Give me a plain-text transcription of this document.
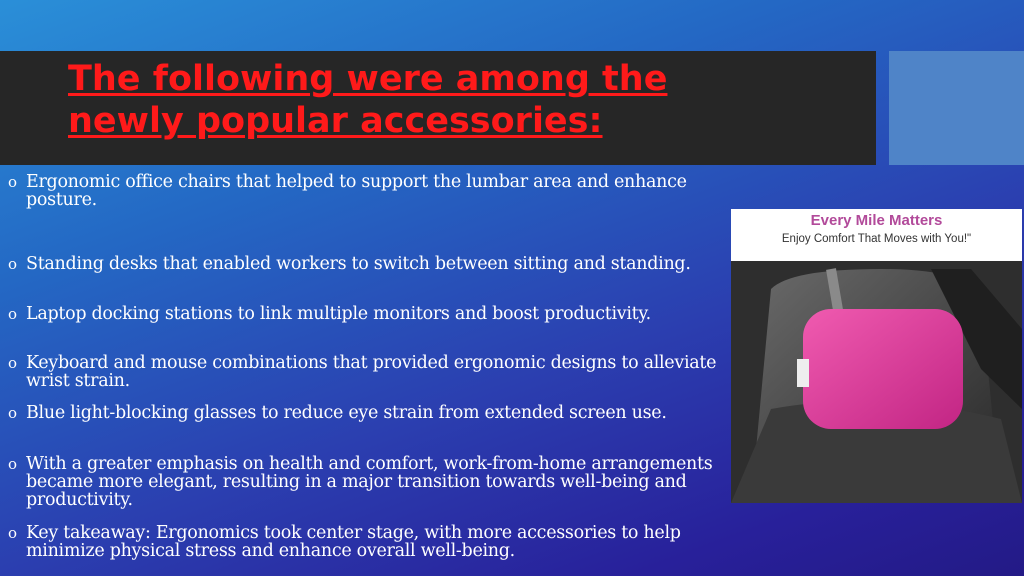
The following were among the newly popular accessories:
o Ergonomic office chairs that helped to support the lumbar area and enhance posture.
o Standing desks that enabled workers to switch between sitting and standing.
o Laptop docking stations to link multiple monitors and boost productivity.
o Keyboard and mouse combinations that provided ergonomic designs to alleviate wrist strain.
o Blue light-blocking glasses to reduce eye strain from extended screen use.
o With a greater emphasis on health and comfort, work-from-home arrangements became more elegant, resulting in a major transition towards well-being and productivity.
o Key takeaway: Ergonomics took center stage, with more accessories to help minimize physical stress and enhance overall well-being.
Every Mile Matters
Enjoy Comfort That Moves with You!"
